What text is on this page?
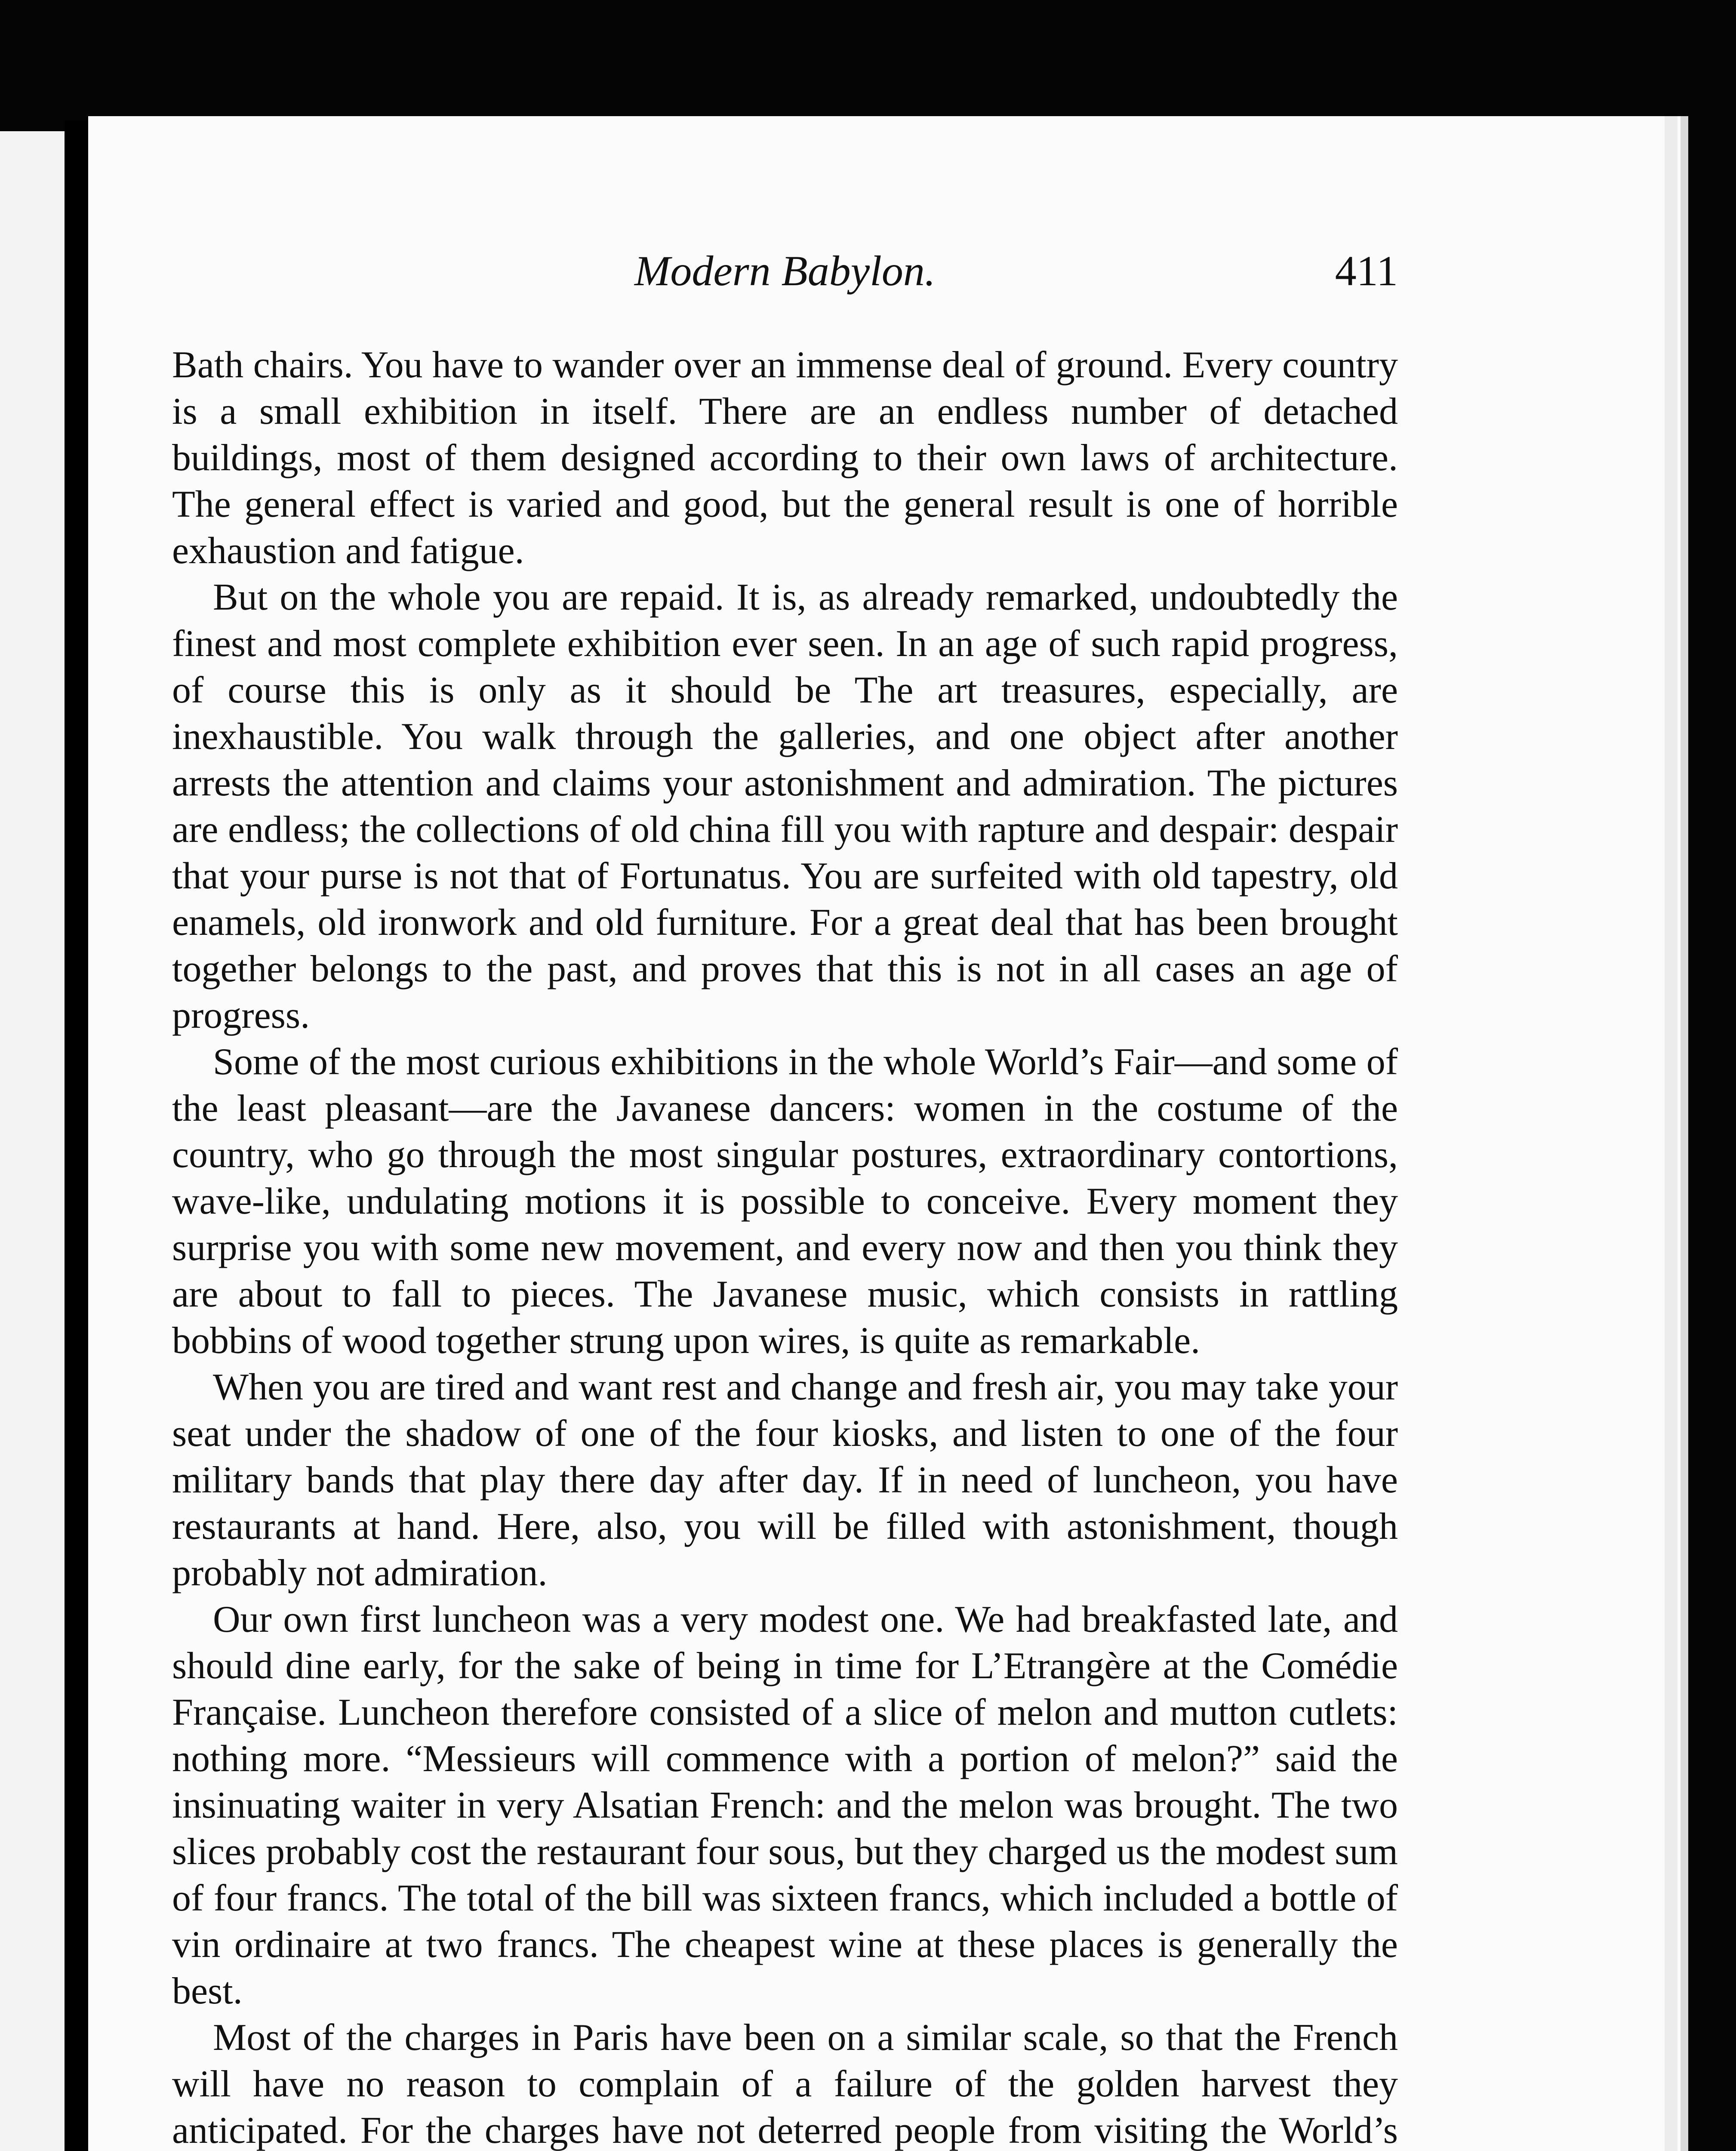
Modern Babylon.	411

Bath chairs. You have to wander over an immense deal of ground. Every country is a small exhibition in itself. There are an endless number of detached buildings, most of them designed according to their own laws of architecture. The general effect is varied and good, but the general result is one of horrible exhaustion and fatigue.

But on the whole you are repaid. It is, as already remarked, undoubtedly the finest and most complete exhibition ever seen. In an age of such rapid progress, of course this is only as it should be The art treasures, especially, are inexhaustible. You walk through the galleries, and one object after another arrests the attention and claims your astonishment and admiration. The pictures are endless; the collections of old china fill you with rapture and despair: despair that your purse is not that of Fortunatus. You are surfeited with old tapestry, old enamels, old ironwork and old furniture. For a great deal that has been brought together belongs to the past, and proves that this is not in all cases an age of progress.

Some of the most curious exhibitions in the whole World’s Fair—and some of the least pleasant—are the Javanese dancers: women in the costume of the country, who go through the most singular postures, extraordinary contortions, wave-like, undulating motions it is possible to conceive. Every moment they surprise you with some new movement, and every now and then you think they are about to fall to pieces. The Javanese music, which consists in rattling bobbins of wood together strung upon wires, is quite as remarkable.

When you are tired and want rest and change and fresh air, you may take your seat under the shadow of one of the four kiosks, and listen to one of the four military bands that play there day after day. If in need of luncheon, you have restaurants at hand. Here, also, you will be filled with astonishment, though probably not admiration.

Our own first luncheon was a very modest one. We had breakfasted late, and should dine early, for the sake of being in time for L’Etrangère at the Comédie Française. Luncheon therefore consisted of a slice of melon and mutton cutlets: nothing more. “Messieurs will commence with a portion of melon?” said the insinuating waiter in very Alsatian French: and the melon was brought. The two slices probably cost the restaurant four sous, but they charged us the modest sum of four francs. The total of the bill was sixteen francs, which included a bottle of vin ordinaire at two francs. The cheapest wine at these places is generally the best.

Most of the charges in Paris have been on a similar scale, so that the French will have no reason to complain of a failure of the golden harvest they anticipated. For the charges have not deterred people from visiting the World’s
